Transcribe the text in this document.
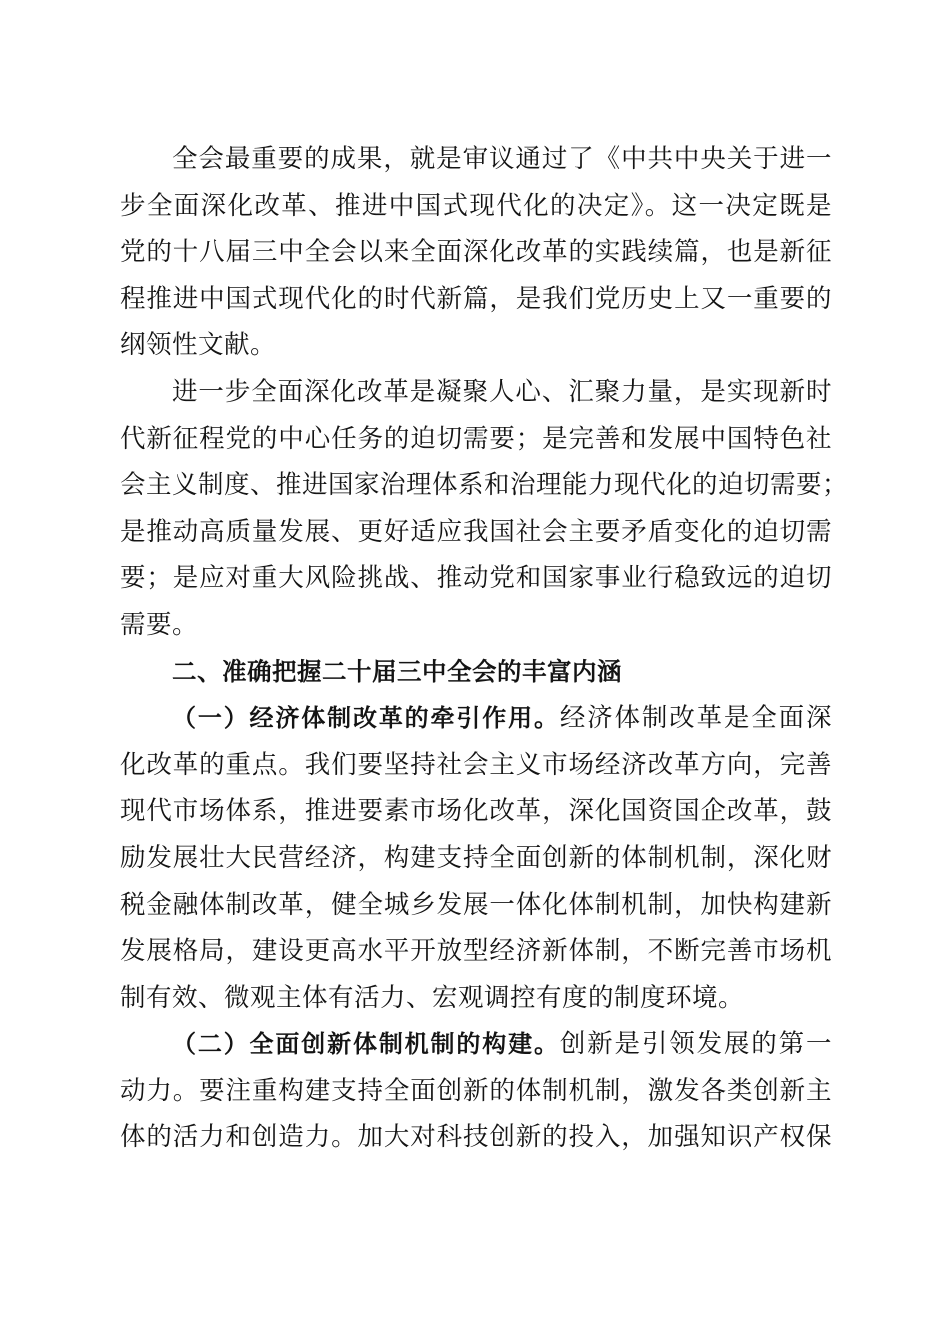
全会最重要的成果，就是审议通过了《中共中央关于进一
步全面深化改革、推进中国式现代化的决定》。这一决定既是
党的十八届三中全会以来全面深化改革的实践续篇，也是新征
程推进中国式现代化的时代新篇，是我们党历史上又一重要的
纲领性文献。
进一步全面深化改革是凝聚人心、汇聚力量，是实现新时
代新征程党的中心任务的迫切需要；是完善和发展中国特色社
会主义制度、推进国家治理体系和治理能力现代化的迫切需要；
是推动高质量发展、更好适应我国社会主要矛盾变化的迫切需
要；是应对重大风险挑战、推动党和国家事业行稳致远的迫切
需要。
二、准确把握二十届三中全会的丰富内涵
（一）经济体制改革的牵引作用。经济体制改革是全面深
化改革的重点。我们要坚持社会主义市场经济改革方向，完善
现代市场体系，推进要素市场化改革，深化国资国企改革，鼓
励发展壮大民营经济，构建支持全面创新的体制机制，深化财
税金融体制改革，健全城乡发展一体化体制机制，加快构建新
发展格局，建设更高水平开放型经济新体制，不断完善市场机
制有效、微观主体有活力、宏观调控有度的制度环境。
（二）全面创新体制机制的构建。创新是引领发展的第一
动力。要注重构建支持全面创新的体制机制，激发各类创新主
体的活力和创造力。加大对科技创新的投入，加强知识产权保
